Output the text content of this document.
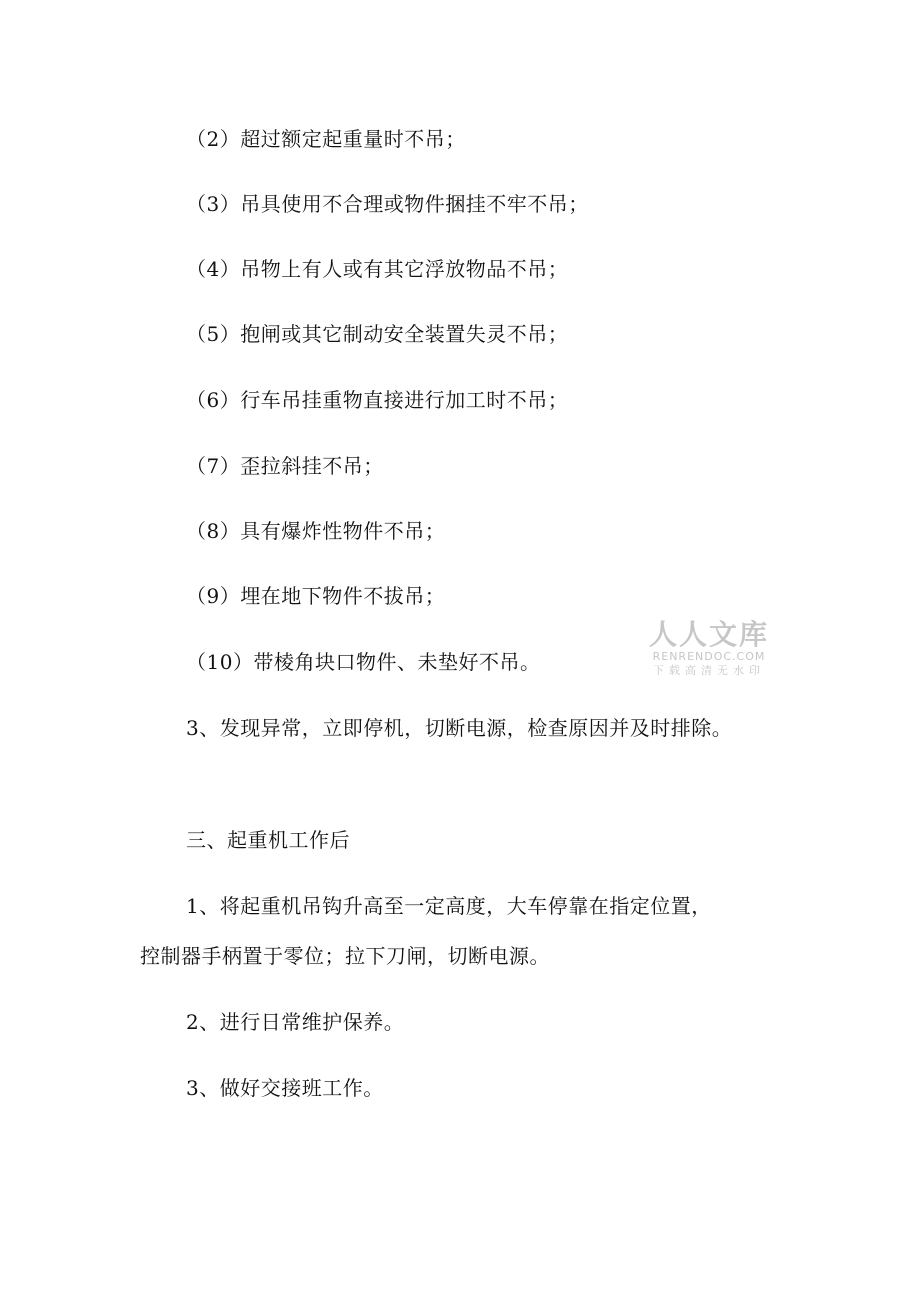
（2）超过额定起重量时不吊；
（3）吊具使用不合理或物件捆挂不牢不吊；
（4）吊物上有人或有其它浮放物品不吊；
（5）抱闸或其它制动安全装置失灵不吊；
（6）行车吊挂重物直接进行加工时不吊；
（7）歪拉斜挂不吊；
（8）具有爆炸性物件不吊；
（9）埋在地下物件不拔吊；
（10）带棱角块口物件、未垫好不吊。
3、发现异常，立即停机，切断电源，检查原因并及时排除。
三、起重机工作后
1、将起重机吊钩升高至一定高度，大车停靠在指定位置，
控制器手柄置于零位；拉下刀闸，切断电源。
2、进行日常维护保养。
3、做好交接班工作。
人人文库
RENRENDOC.COM
下载高清无水印
